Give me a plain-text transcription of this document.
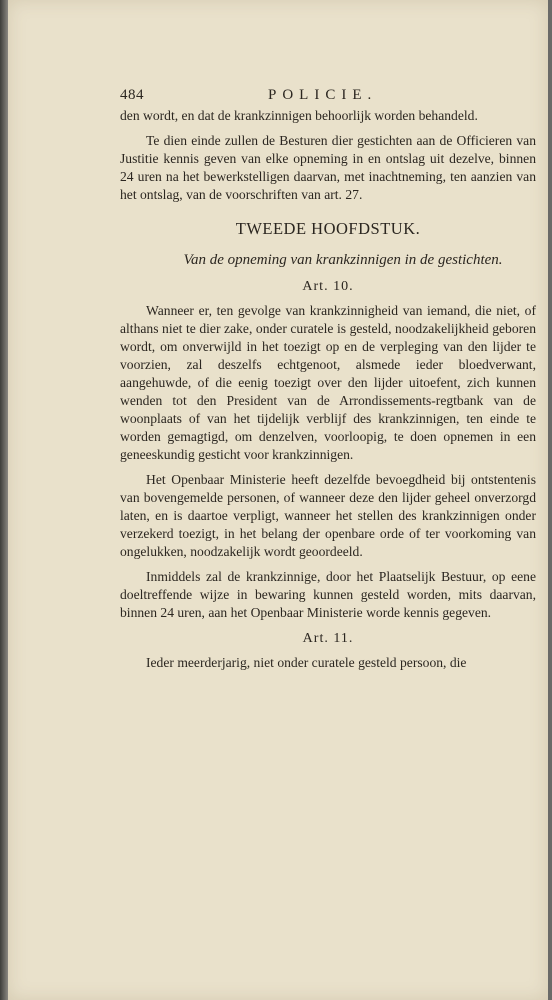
484	POLICIE.

den wordt, en dat de krankzinnigen behoorlijk worden behandeld.

Te dien einde zullen de Besturen dier gestichten aan de Officieren van Justitie kennis geven van elke opneming in en ontslag uit dezelve, binnen 24 uren na het bewerkstelligen daarvan, met inachtneming, ten aanzien van het ontslag, van de voorschriften van art. 27.

TWEEDE HOOFDSTUK.
Van de opneming van krankzinnigen in de gestichten.
Art. 10.

Wanneer er, ten gevolge van krankzinnigheid van iemand, die niet, of althans niet te dier zake, onder curatele is gesteld, noodzakelijkheid geboren wordt, om onverwijld in het toezigt op en de verpleging van den lijder te voorzien, zal deszelfs echtgenoot, alsmede ieder bloedverwant, aangehuwde, of die eenig toezigt over den lijder uitoefent, zich kunnen wenden tot den President van de Arrondissements-regtbank van de woonplaats of van het tijdelijk verblijf des krankzinnigen, ten einde te worden gemagtigd, om denzelven, voorloopig, te doen opnemen in een geneeskundig gesticht voor krankzinnigen.

Het Openbaar Ministerie heeft dezelfde bevoegdheid bij ontstentenis van bovengemelde personen, of wanneer deze den lijder geheel onverzorgd laten, en is daartoe verpligt, wanneer het stellen des krankzinnigen onder verzekerd toezigt, in het belang der openbare orde of ter voorkoming van ongelukken, noodzakelijk wordt geoordeeld.

Inmiddels zal de krankzinnige, door het Plaatselijk Bestuur, op eene doeltreffende wijze in bewaring kunnen gesteld worden, mits daarvan, binnen 24 uren, aan het Openbaar Ministerie worde kennis gegeven.

Art. 11.

Ieder meerderjarig, niet onder curatele gesteld persoon, die
